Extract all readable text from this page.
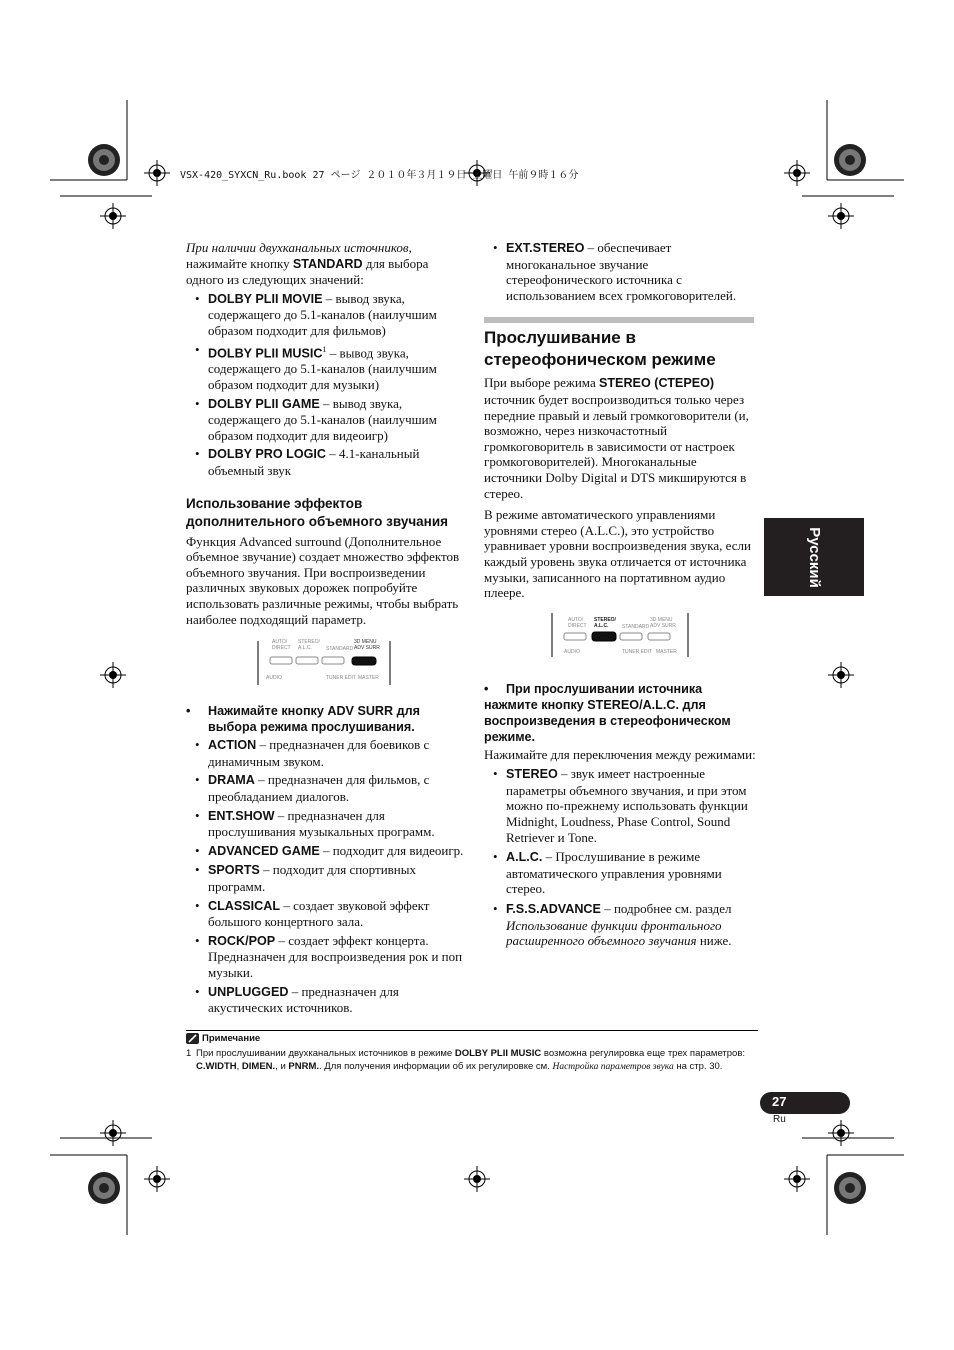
VSX-420_SYXCN_Ru.book 27 ページ ２０１０年３月１９日 金曜日 午前９時１６分

При наличии двухканальных источников, нажимайте кнопку STANDARD для выбора одного из следующих значений:

• DOLBY PLII MOVIE – вывод звука, содержащего до 5.1-каналов (наилучшим образом подходит для фильмов)
• DOLBY PLII MUSIC$^1$ – вывод звука, содержащего до 5.1-каналов (наилучшим образом подходит для музыки)
• DOLBY PLII GAME – вывод звука, содержащего до 5.1-каналов (наилучшим образом подходит для видеоигр)
• DOLBY PRO LOGIC – 4.1-канальный объемный звук
Использование эффектов
дополнительного объемного звучания

Функция Advanced surround (Дополнительное объемное звучание) создает множество эффектов объемного звучания. При воспроизведении различных звуковых дорожек попробуйте использовать различные режимы, чтобы выбрать наиболее подходящий параметр.

AUTO/
DIRECT
STEREO/
A.L.C.	STANDARD
3D MENU
ADV SURR
AUDIO	TUNER EDIT MASTER
• Нажимайте кнопку ADV SURR для выбора режима прослушивания.
• ACTION – предназначен для боевиков с динамичным звуком.
• DRAMA – предназначен для фильмов, с преобладанием диалогов.
• ENT.SHOW – предназначен для прослушивания музыкальных программ.
• ADVANCED GAME – подходит для видеоигр.
• SPORTS – подходит для спортивных программ.
• CLASSICAL – создает звуковой эффект большого концертного зала.
• ROCK/POP – создает эффект концерта. Предназначен для воспроизведения рок и поп музыки.
• UNPLUGGED – предназначен для акустических источников.
• EXT.STEREO – обеспечивает многоканальное звучание стереофонического источника с использованием всех громкоговорителей.
Прослушивание в
стереофоническом режиме

При выборе режима STEREO (СТЕРЕО) источник будет воспроизводиться только через передние правый и левый громкоговорители (и, возможно, через низкочастотный громкоговоритель в зависимости от настроек громкоговорителей). Многоканальные источники Dolby Digital и DTS микшируются в стерео.

В режиме автоматического управлениями уровнями стерео (A.L.C.), это устройство уравнивает уровни воспроизведения звука, если каждый уровень звука отличается от источника музыки, записанного на портативном аудио плеере.

AUTO/
DIRECT
STEREO/
A.L.C.	STANDARD
3D MENU
ADV SURR
AUDIO	TUNER EDIT MASTER
• При прослушивании источника нажмите кнопку STEREO/A.L.C. для воспроизведения в стереофоническом режиме.

Нажимайте для переключения между режимами:

• STEREO – звук имеет настроенные параметры объемного звучания, и при этом можно по-прежнему использовать функции Midnight, Loudness, Phase Control, Sound Retriever и Tone.
• A.L.C. – Прослушивание в режиме автоматического управления уровнями стерео.
• F.S.S.ADVANCE – подробнее см. раздел Использование функции фронтального расширенного объемного звучания ниже.
Русский
Примечание
1 При прослушивании двухканальных источников в режиме DOLBY PLII MUSIC возможна регулировка еще трех параметров: C.WIDTH, DIMEN., и PNRM.. Для получения информации об их регулировке см. Настройка параметров звука на стр. 30.
27
Ru
